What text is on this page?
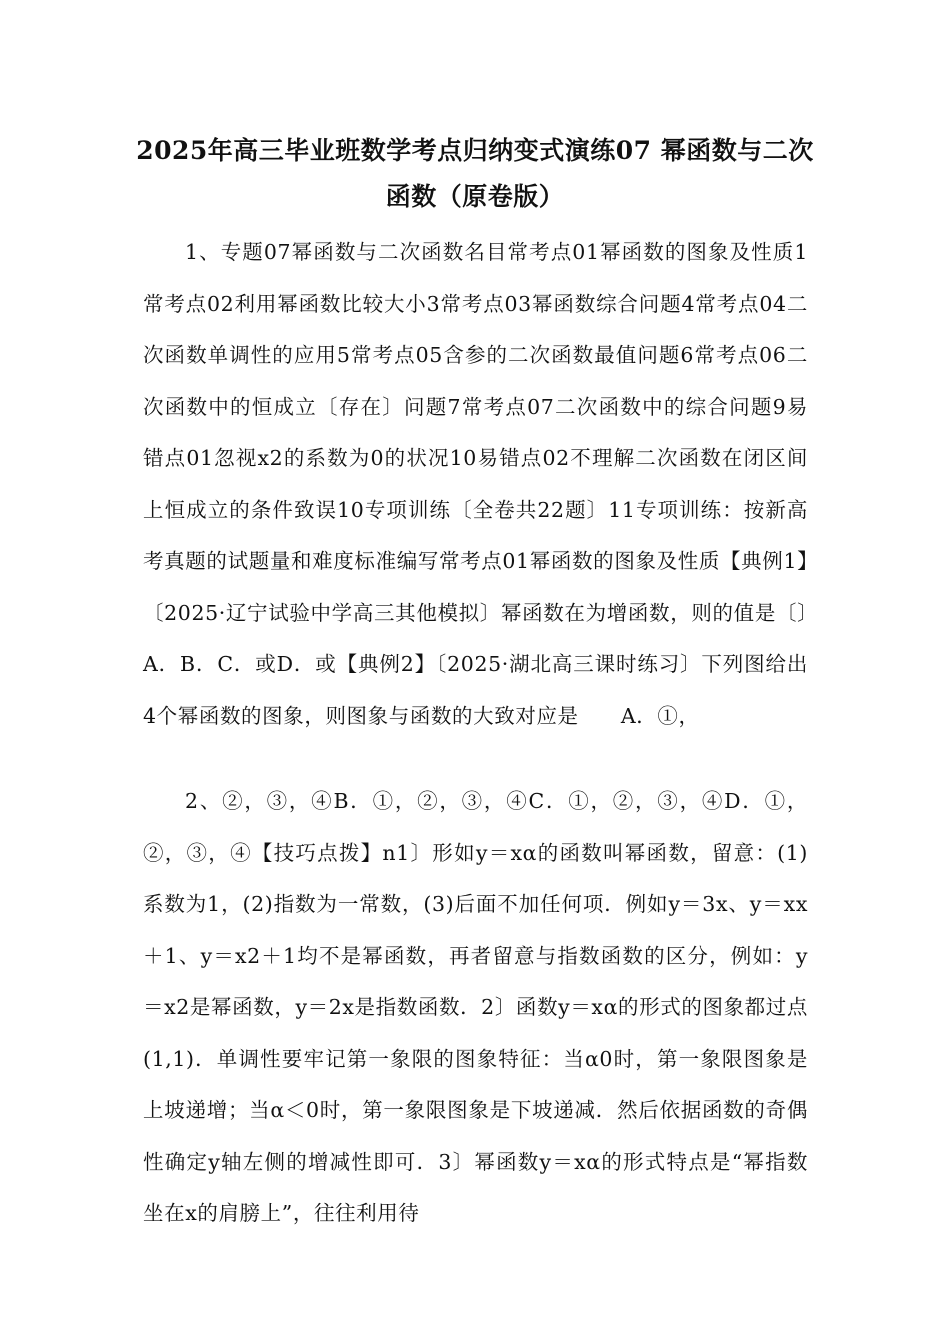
2025年高三毕业班数学考点归纳变式演练07 幂函数与二次函数（原卷版）
1、专题07幂函数与二次函数名目常考点01幂函数的图象及性质1常考点02利用幂函数比较大小3常考点03幂函数综合问题4常考点04二次函数单调性的应用5常考点05含参的二次函数最值问题6常考点06二次函数中的恒成立〔存在〕问题7常考点07二次函数中的综合问题9易错点01忽视x2的系数为0的状况10易错点02不理解二次函数在闭区间上恒成立的条件致误10专项训练〔全卷共22题〕11专项训练：按新高考真题的试题量和难度标准编写常考点01幂函数的图象及性质【典例1】〔2025·辽宁试验中学高三其他模拟〕幂函数在为增函数，则的值是〔〕A．B．C．或D．或【典例2】〔2025·湖北高三课时练习〕下列图给出4个幂函数的图象，则图象与函数的大致对应是　　A．①，
2、②，③，④B．①，②，③，④C．①，②，③，④D．①，②，③，④【技巧点拨】n1〕形如y＝xα的函数叫幂函数，留意：(1)系数为1，(2)指数为一常数，(3)后面不加任何项．例如y＝3x、y＝xx＋1、y＝x2＋1均不是幂函数，再者留意与指数函数的区分，例如：y＝x2是幂函数，y＝2x是指数函数．2〕函数y＝xα的形式的图象都过点(1,1)．单调性要牢记第一象限的图象特征：当α0时，第一象限图象是上坡递增；当α＜0时，第一象限图象是下坡递减．然后依据函数的奇偶性确定y轴左侧的增减性即可．3〕幂函数y＝xα的形式特点是“幂指数坐在x的肩膀上”，往往利用待
